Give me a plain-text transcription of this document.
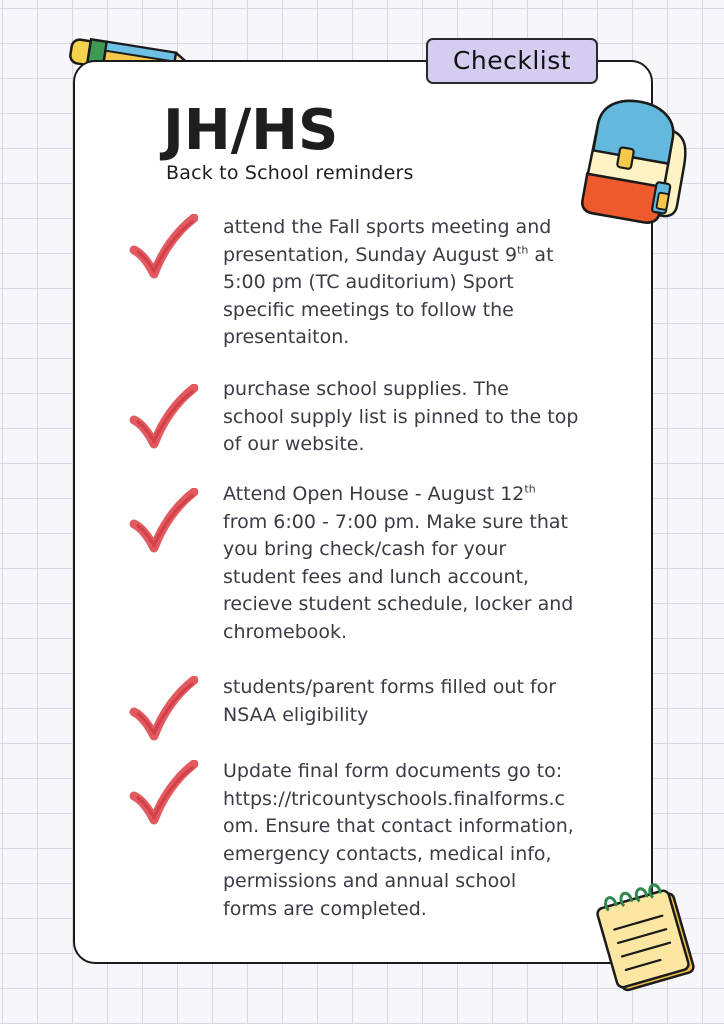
Checklist
JH/HS
Back to School reminders
attend the Fall sports meeting and
presentation, Sunday August 9th at
5:00 pm (TC auditorium) Sport
specific meetings to follow the
presentaiton.
purchase school supplies. The
school supply list is pinned to the top
of our website.
Attend Open House - August 12th
from 6:00 - 7:00 pm. Make sure that
you bring check/cash for your
student fees and lunch account,
recieve student schedule, locker and
chromebook.
students/parent forms filled out for
NSAA eligibility
Update final form documents go to:
https://tricountyschools.finalforms.c
om. Ensure that contact information,
emergency contacts, medical info,
permissions and annual school
forms are completed.
